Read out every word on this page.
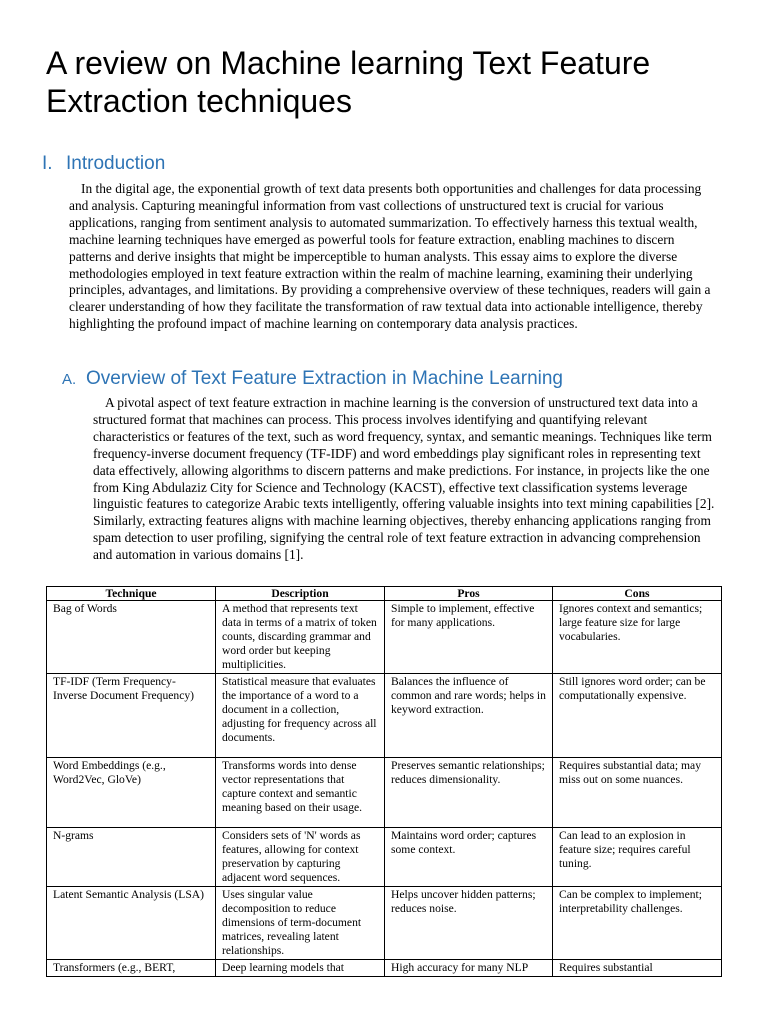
A review on Machine learning Text Feature Extraction techniques
I. Introduction

In the digital age, the exponential growth of text data presents both opportunities and challenges for data processing and analysis. Capturing meaningful information from vast collections of unstructured text is crucial for various applications, ranging from sentiment analysis to automated summarization. To effectively harness this textual wealth, machine learning techniques have emerged as powerful tools for feature extraction, enabling machines to discern patterns and derive insights that might be imperceptible to human analysts. This essay aims to explore the diverse methodologies employed in text feature extraction within the realm of machine learning, examining their underlying principles, advantages, and limitations. By providing a comprehensive overview of these techniques, readers will gain a clearer understanding of how they facilitate the transformation of raw textual data into actionable intelligence, thereby highlighting the profound impact of machine learning on contemporary data analysis practices.

A. Overview of Text Feature Extraction in Machine Learning

A pivotal aspect of text feature extraction in machine learning is the conversion of unstructured text data into a structured format that machines can process. This process involves identifying and quantifying relevant characteristics or features of the text, such as word frequency, syntax, and semantic meanings. Techniques like term frequency-inverse document frequency (TF-IDF) and word embeddings play significant roles in representing text data effectively, allowing algorithms to discern patterns and make predictions. For instance, in projects like the one from King Abdulaziz City for Science and Technology (KACST), effective text classification systems leverage linguistic features to categorize Arabic texts intelligently, offering valuable insights into text mining capabilities [2]. Similarly, extracting features aligns with machine learning objectives, thereby enhancing applications ranging from spam detection to user profiling, signifying the central role of text feature extraction in advancing comprehension and automation in various domains [1].

Technique	Description	Pros	Cons
Bag of Words	A method that represents text data in terms of a matrix of token counts, discarding grammar and word order but keeping multiplicities.	Simple to implement, effective for many applications.	Ignores context and semantics; large feature size for large vocabularies.
TF-IDF (Term Frequency-Inverse Document Frequency)	Statistical measure that evaluates the importance of a word to a document in a collection, adjusting for frequency across all documents.	Balances the influence of common and rare words; helps in keyword extraction.	Still ignores word order; can be computationally expensive.
Word Embeddings (e.g., Word2Vec, GloVe)	Transforms words into dense vector representations that capture context and semantic meaning based on their usage.	Preserves semantic relationships; reduces dimensionality.	Requires substantial data; may miss out on some nuances.
N-grams	Considers sets of 'N' words as features, allowing for context preservation by capturing adjacent word sequences.	Maintains word order; captures some context.	Can lead to an explosion in feature size; requires careful tuning.
Latent Semantic Analysis (LSA)	Uses singular value decomposition to reduce dimensions of term-document matrices, revealing latent relationships.	Helps uncover hidden patterns; reduces noise.	Can be complex to implement; interpretability challenges.
Transformers (e.g., BERT,	Deep learning models that	High accuracy for many NLP	Requires substantial
